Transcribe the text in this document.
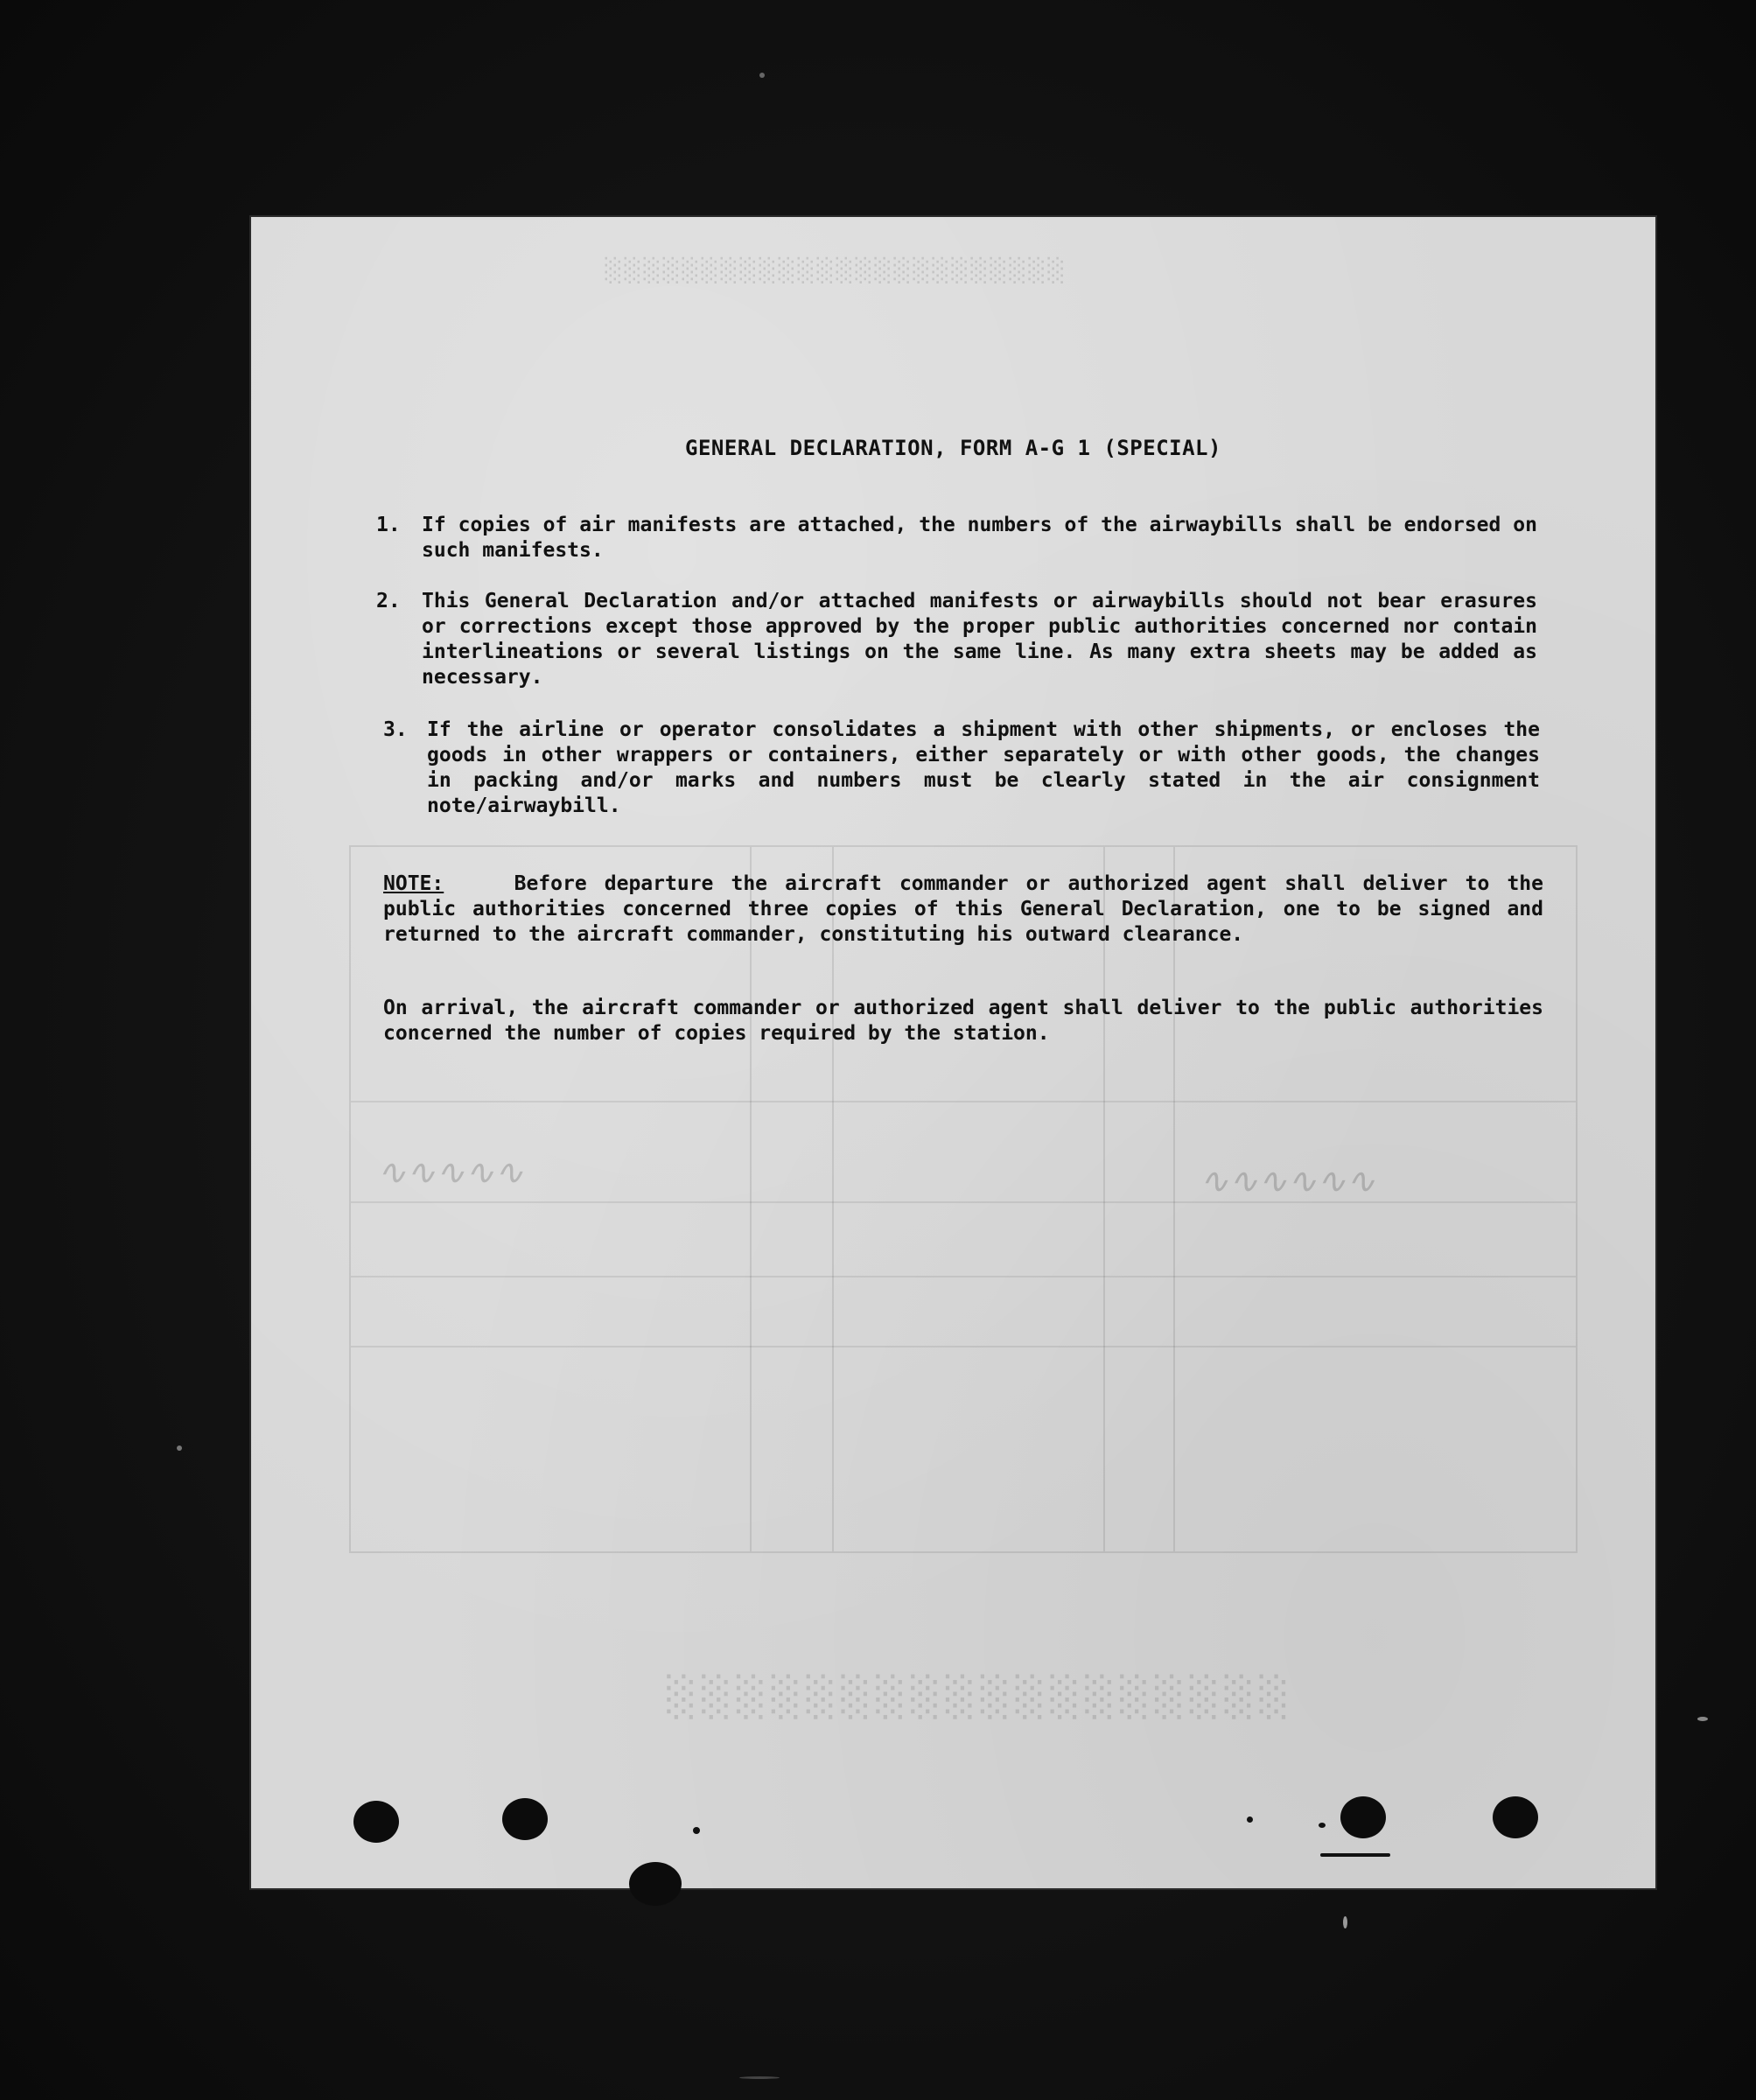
░░░░░░░░░░░░░░░░░░░░░░░░
░░░░░░░░░░░░░░░░░░
∿∿∿∿∿	∿∿∿∿∿∿
GENERAL DECLARATION, FORM A-G 1 (SPECIAL)
1.	If copies of air manifests are attached, the numbers of the airwaybills shall be endorsed on such manifests.
2.	This General Declaration and/or attached manifests or airwaybills should not bear erasures or corrections except those approved by the proper public authorities concerned nor contain interlineations or several listings on the same line. As many extra sheets may be added as necessary.
3. If the airline or operator consolidates a shipment with other shipments, or encloses the goods in other wrappers or containers, either separately or with other goods, the changes in packing and/or marks and numbers must be clearly stated in the air consignment note/airwaybill.
NOTE:	Before departure the aircraft commander or authorized agent shall deliver to the public authorities concerned three copies of this General Declaration, one to be signed and returned to the aircraft commander, constituting his outward clearance.
On arrival, the aircraft commander or authorized agent shall deliver to the public authorities concerned the number of copies required by the station.
